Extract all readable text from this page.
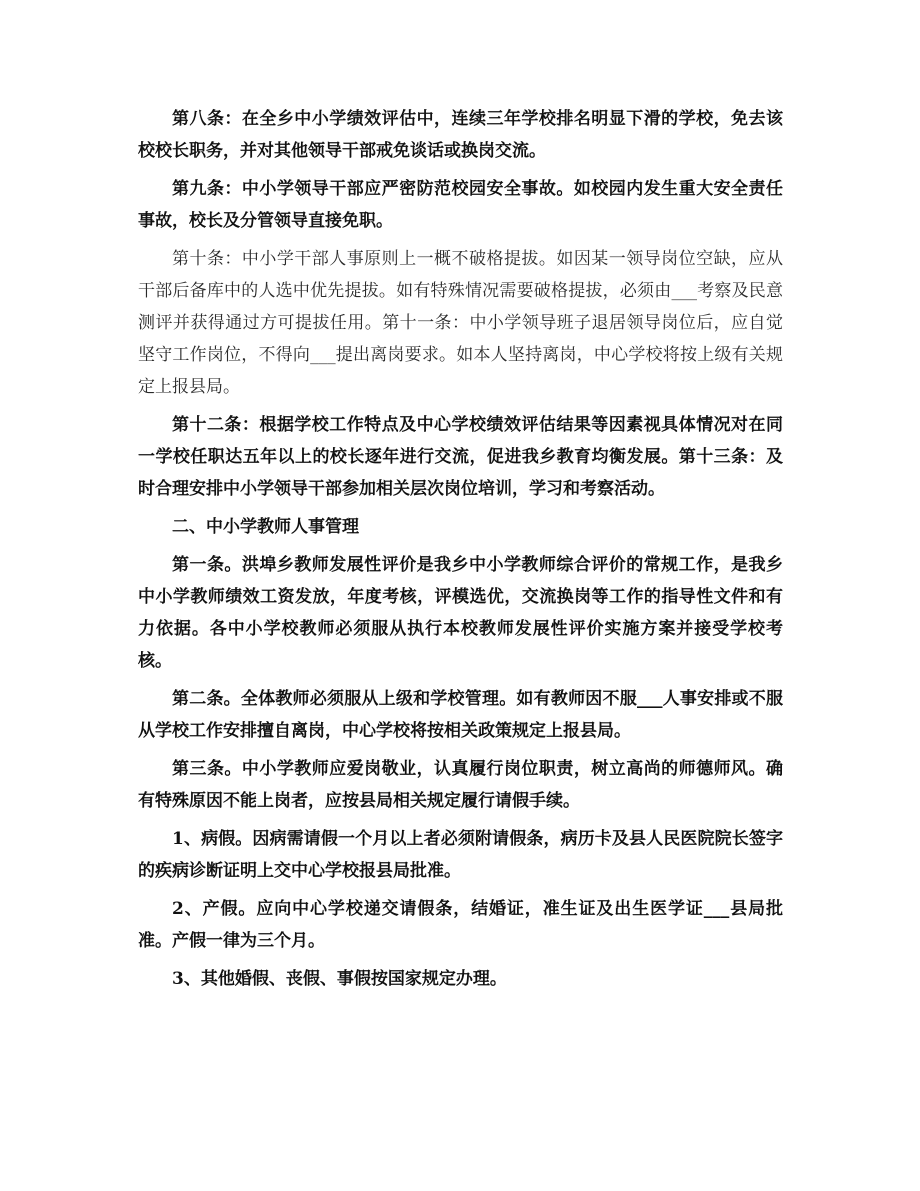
第八条：在全乡中小学绩效评估中，连续三年学校排名明显下滑的学校，免去该校校长职务，并对其他领导干部戒免谈话或换岗交流。

第九条：中小学领导干部应严密防范校园安全事故。如校园内发生重大安全责任事故，校长及分管领导直接免职。

第十条：中小学干部人事原则上一概不破格提拔。如因某一领导岗位空缺，应从干部后备库中的人选中优先提拔。如有特殊情况需要破格提拔，必须由___考察及民意测评并获得通过方可提拔任用。第十一条：中小学领导班子退居领导岗位后，应自觉坚守工作岗位，不得向___提出离岗要求。如本人坚持离岗，中心学校将按上级有关规定上报县局。

第十二条：根据学校工作特点及中心学校绩效评估结果等因素视具体情况对在同一学校任职达五年以上的校长逐年进行交流，促进我乡教育均衡发展。第十三条：及时合理安排中小学领导干部参加相关层次岗位培训，学习和考察活动。

二、中小学教师人事管理

第一条。洪埠乡教师发展性评价是我乡中小学教师综合评价的常规工作，是我乡中小学教师绩效工资发放，年度考核，评模选优，交流换岗等工作的指导性文件和有力依据。各中小学校教师必须服从执行本校教师发展性评价实施方案并接受学校考核。

第二条。全体教师必须服从上级和学校管理。如有教师因不服___人事安排或不服从学校工作安排擅自离岗，中心学校将按相关政策规定上报县局。

第三条。中小学教师应爱岗敬业，认真履行岗位职责，树立高尚的师德师风。确有特殊原因不能上岗者，应按县局相关规定履行请假手续。

1、病假。因病需请假一个月以上者必须附请假条，病历卡及县人民医院院长签字的疾病诊断证明上交中心学校报县局批准。

2、产假。应向中心学校递交请假条，结婚证，准生证及出生医学证___县局批准。产假一律为三个月。

3、其他婚假、丧假、事假按国家规定办理。
